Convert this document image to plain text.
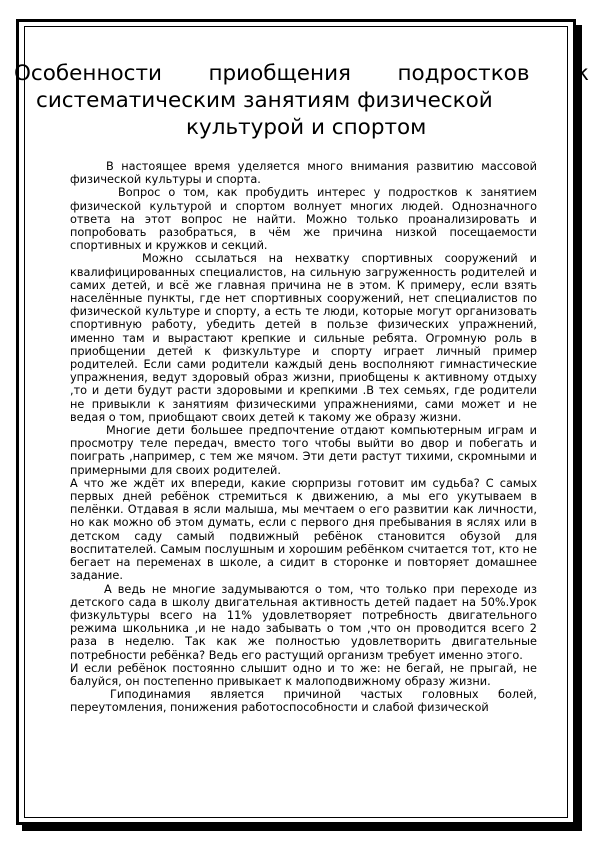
Особенности приобщения подростков к
систематическим занятиям физической
культурой и спортом

В настоящее время уделяется много внимания развитию массовой физической культуры и спорта.

Вопрос о том, как пробудить интерес у подростков к занятием физической культурой и спортом волнует многих людей. Однозначного ответа на этот вопрос не найти. Можно только проанализировать и попробовать разобраться, в чём же причина низкой посещаемости спортивных и кружков и секций.

Можно ссылаться на нехватку спортивных сооружений и квалифицированных специалистов, на сильную загруженность родителей и самих детей, и всё же главная причина не в этом. К примеру, если взять населённые пункты, где нет спортивных сооружений, нет специалистов по физической культуре и спорту, а есть те люди, которые могут организовать спортивную работу, убедить детей в пользе физических упражнений, именно там и вырастают крепкие и сильные ребята. Огромную роль в приобщении детей к физкультуре и спорту играет личный пример родителей. Если сами родители каждый день восполняют гимнастические упражнения, ведут здоровый образ жизни, приобщены к активному отдыху ,то и дети будут расти здоровыми и крепкими .В тех семьях, где родители не привыкли к занятиям физическими упражнениями, сами может и не ведая о том, приобщают своих детей к такому же образу жизни.

Многие дети большее предпочтение отдают компьютерным играм и просмотру теле передач, вместо того чтобы выйти во двор и побегать и поиграть ,например, с тем же мячом. Эти дети растут тихими, скромными и примерными для своих родителей.

А что же ждёт их впереди, какие сюрпризы готовит им судьба? С самых первых дней ребёнок стремиться к движению, а мы его укутываем в пелёнки. Отдавая в ясли малыша, мы мечтаем о его развитии как личности, но как можно об этом думать, если с первого дня пребывания в яслях или в детском саду самый подвижный ребёнок становится обузой для воспитателей. Самым послушным и хорошим ребёнком считается тот, кто не бегает на переменах в школе, а сидит в сторонке и повторяет домашнее задание.

А ведь не многие задумываются о том, что только при переходе из детского сада в школу двигательная активность детей падает на 50%.Урок физкультуры всего на 11% удовлетворяет потребность двигательного режима школьника ,и не надо забывать о том ,что он проводится всего 2 раза в неделю. Так как же полностью удовлетворить двигательные потребности ребёнка? Ведь его растущий организм требует именно этого.

И если ребёнок постоянно слышит одно и то же: не бегай, не прыгай, не балуйся, он постепенно привыкает к малоподвижному образу жизни.

Гиподинамия является причиной частых головных болей, переутомления, понижения работоспособности и слабой физической
